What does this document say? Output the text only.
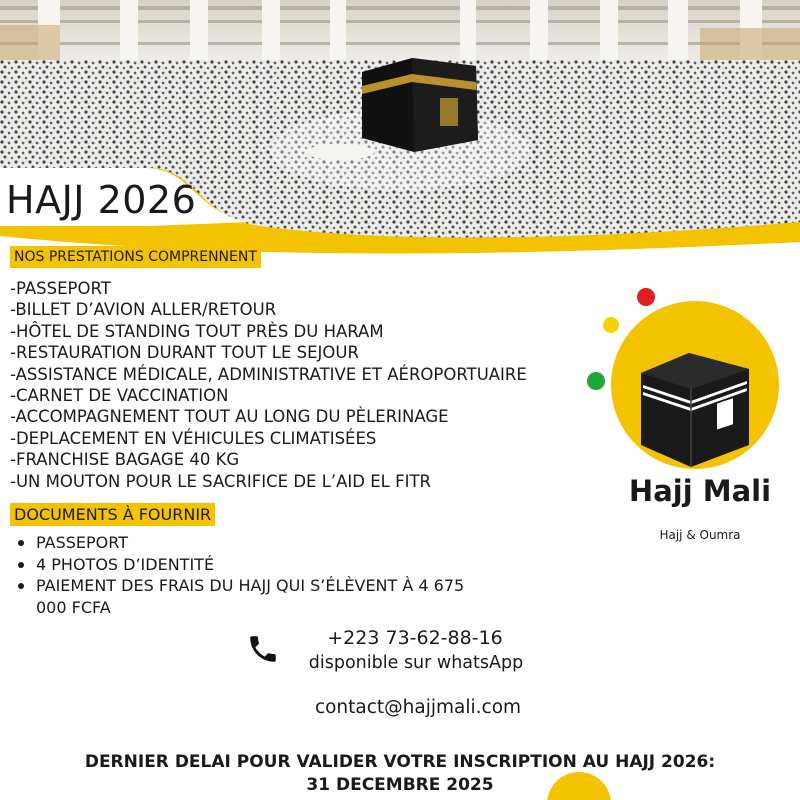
HAJJ 2026
NOS PRESTATIONS COMPRENNENT
-PASSEPORT
-BILLET D’AVION ALLER/RETOUR
-HÔTEL DE STANDING TOUT PRÈS DU HARAM
-RESTAURATION DURANT TOUT LE SEJOUR
-ASSISTANCE MÉDICALE, ADMINISTRATIVE ET AÉROPORTUAIRE
-CARNET DE VACCINATION
-ACCOMPAGNEMENT TOUT AU LONG DU PÈLERINAGE
-DEPLACEMENT EN VÉHICULES CLIMATISÉES
-FRANCHISE BAGAGE 40 KG
-UN MOUTON POUR LE SACRIFICE DE L’AID EL FITR
DOCUMENTS À FOURNIR
PASSEPORT
4 PHOTOS D’IDENTITÉ
PAIEMENT DES FRAIS DU HAJJ QUI S’ÉLÈVENT À 4 675 000 FCFA
Hajj Mali
Hajj & Oumra
+223 73-62-88-16
disponible sur whatsApp
contact@hajjmali.com
DERNIER DELAI POUR VALIDER VOTRE INSCRIPTION AU HAJJ 2026:
31 DECEMBRE 2025
